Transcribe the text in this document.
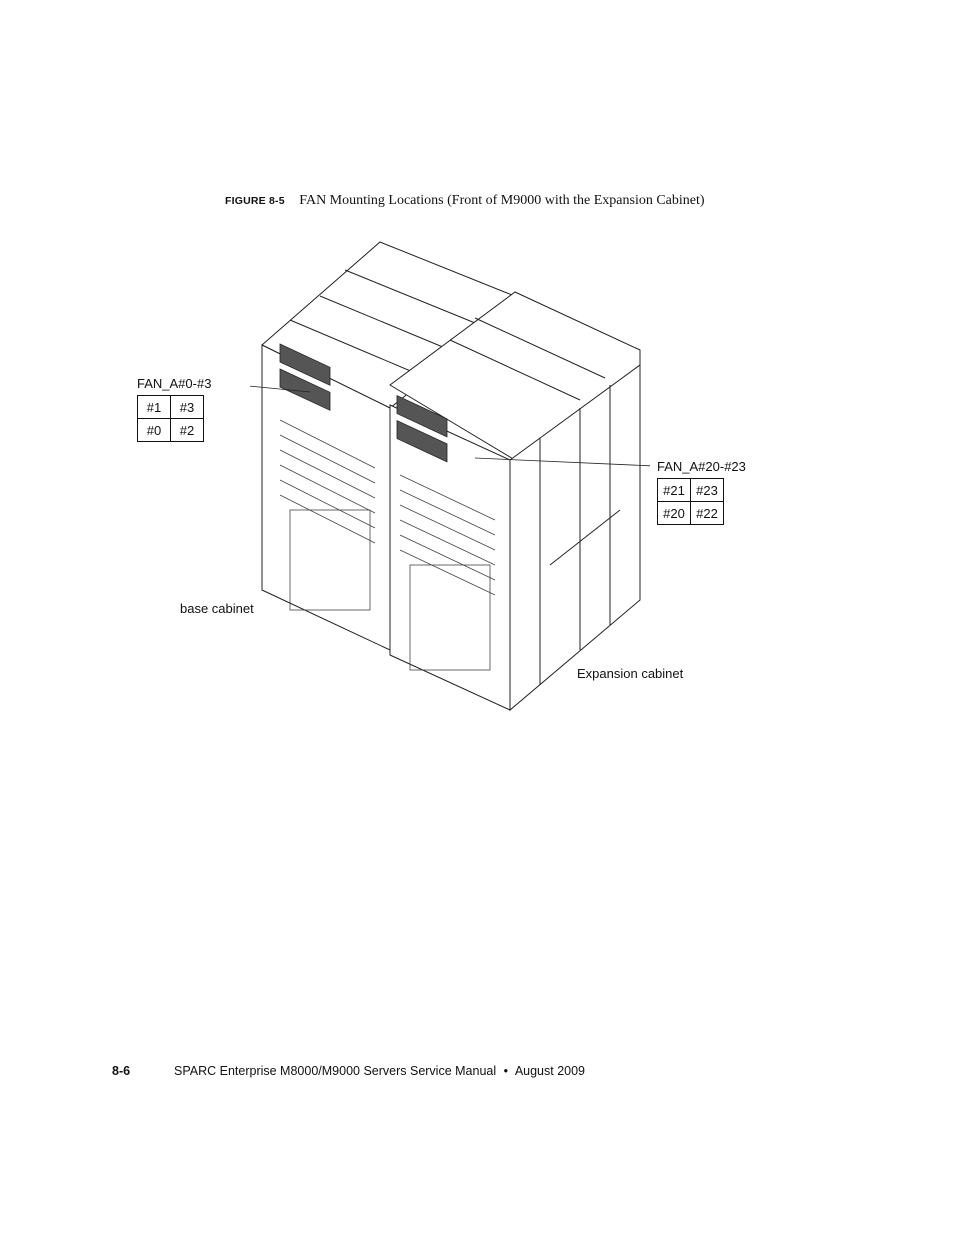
FIGURE 8-5 FAN Mounting Locations (Front of M9000 with the Expansion Cabinet)
FAN_A#0-#3
#1	#3
#0	#2
FAN_A#20-#23
#21	#23
#20	#22
base cabinet
Expansion cabinet
8-6	SPARC Enterprise M8000/M9000 Servers Service Manual • August 2009
